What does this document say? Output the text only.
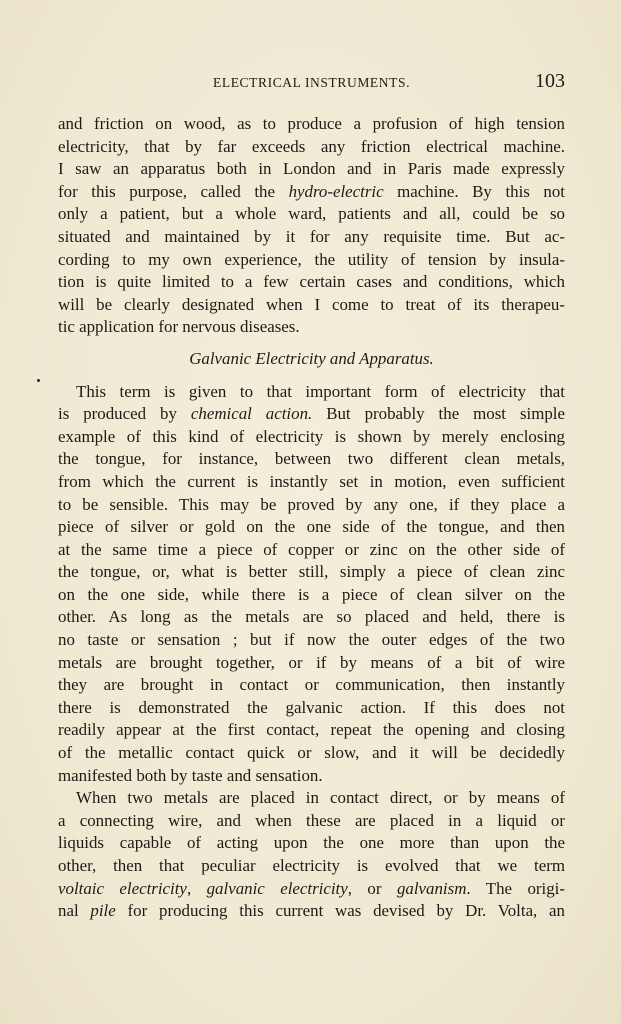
ELECTRICAL INSTRUMENTS.	103
and friction on wood, as to produce a profusion of high tension
electricity, that by far exceeds any friction electrical machine.
I saw an apparatus both in London and in Paris made expressly
for this purpose, called the hydro-electric machine. By this not
only a patient, but a whole ward, patients and all, could be so
situated and maintained by it for any requisite time. But ac-
cording to my own experience, the utility of tension by insula-
tion is quite limited to a few certain cases and conditions, which
will be clearly designated when I come to treat of its therapeu-
tic application for nervous diseases.
Galvanic Electricity and Apparatus.
This term is given to that important form of electricity that
is produced by chemical action. But probably the most simple
example of this kind of electricity is shown by merely enclosing
the tongue, for instance, between two different clean metals,
from which the current is instantly set in motion, even sufficient
to be sensible. This may be proved by any one, if they place a
piece of silver or gold on the one side of the tongue, and then
at the same time a piece of copper or zinc on the other side of
the tongue, or, what is better still, simply a piece of clean zinc
on the one side, while there is a piece of clean silver on the
other. As long as the metals are so placed and held, there is
no taste or sensation ; but if now the outer edges of the two
metals are brought together, or if by means of a bit of wire
they are brought in contact or communication, then instantly
there is demonstrated the galvanic action. If this does not
readily appear at the first contact, repeat the opening and closing
of the metallic contact quick or slow, and it will be decidedly
manifested both by taste and sensation.
When two metals are placed in contact direct, or by means of
a connecting wire, and when these are placed in a liquid or
liquids capable of acting upon the one more than upon the
other, then that peculiar electricity is evolved that we term
voltaic electricity, galvanic electricity, or galvanism. The origi-
nal pile for producing this current was devised by Dr. Volta, an
